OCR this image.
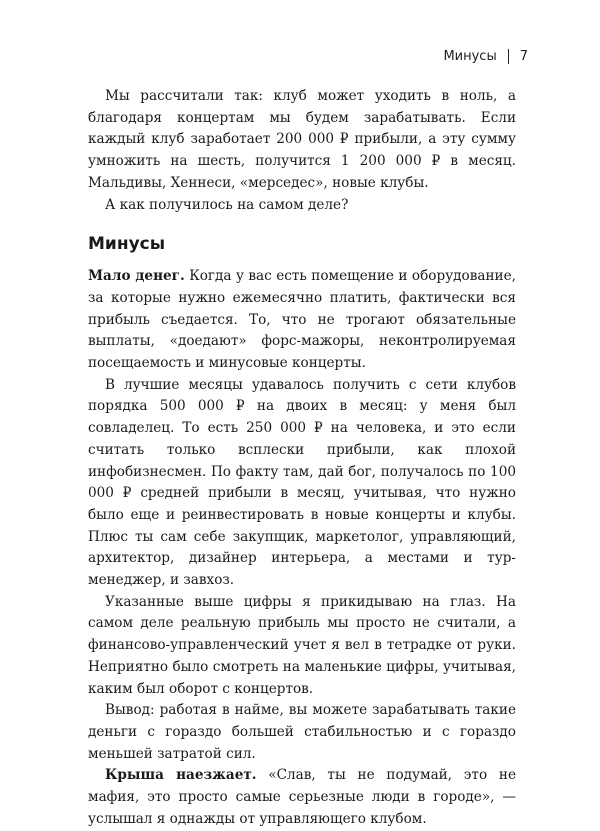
Минусы 7

Мы рассчитали так: клуб может уходить в ноль, а благодаря концертам мы будем зарабатывать. Если каждый клуб заработает 200 000 ₽ прибыли, а эту сумму умножить на шесть, получится 1 200 000 ₽ в месяц. Мальдивы, Хеннеси, «мерседес», новые клубы.

А как получилось на самом деле?

Минусы

Мало денег. Когда у вас есть помещение и оборудование, за которые нужно ежемесячно платить, фактически вся прибыль съедается. То, что не трогают обязательные выплаты, «доедают» форс-мажоры, неконтролируемая посещаемость и минусовые концерты.

В лучшие месяцы удавалось получить с сети клубов порядка 500 000 ₽ на двоих в месяц: у меня был совладелец. То есть 250 000 ₽ на человека, и это если считать только всплески прибыли, как плохой инфобизнесмен. По факту там, дай бог, получалось по 100 000 ₽ средней прибыли в месяц, учитывая, что нужно было еще и реинвестировать в новые концерты и клубы. Плюс ты сам себе закупщик, маркетолог, управляющий, архитектор, дизайнер интерьера, а местами и тур-менеджер, и завхоз.

Указанные выше цифры я прикидываю на глаз. На самом деле реальную прибыль мы просто не считали, а финансово-управленческий учет я вел в тетрадке от руки. Неприятно было смотреть на маленькие цифры, учитывая, каким был оборот с концертов.

Вывод: работая в найме, вы можете зарабатывать такие деньги с гораздо большей стабильностью и с гораздо меньшей затратой сил.

Крыша наезжает. «Слав, ты не подумай, это не мафия, это просто самые серьезные люди в городе», — услышал я однажды от управляющего клубом.
